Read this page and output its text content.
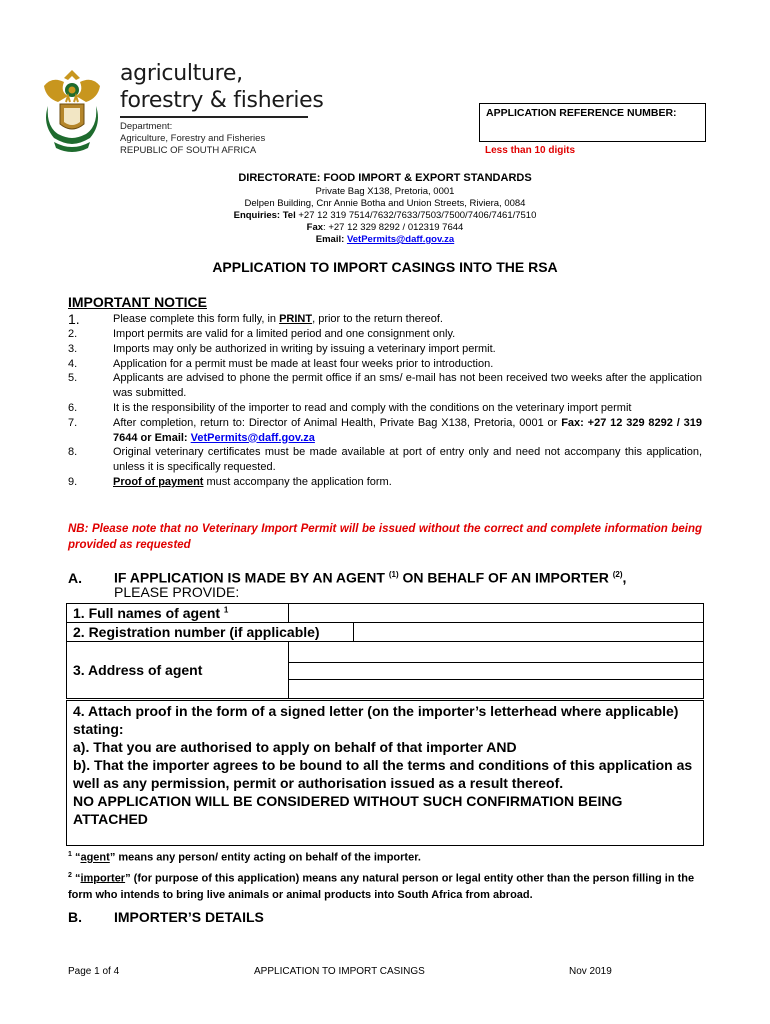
agriculture,
forestry & fisheries
Department:
Agriculture, Forestry and Fisheries
REPUBLIC OF SOUTH AFRICA
APPLICATION REFERENCE NUMBER:
Less than 10 digits
DIRECTORATE: FOOD IMPORT & EXPORT STANDARDS
Private Bag X138, Pretoria, 0001
Delpen Building, Cnr Annie Botha and Union Streets, Riviera, 0084
Enquiries: Tel +27 12 319 7514/7632/7633/7503/7500/7406/7461/7510
Fax: +27 12 329 8292 / 012319 7644
Email: VetPermits@daff.gov.za
APPLICATION TO IMPORT CASINGS INTO THE RSA
IMPORTANT NOTICE
1.	Please complete this form fully, in PRINT, prior to the return thereof.
2.	Import permits are valid for a limited period and one consignment only.
3.	Imports may only be authorized in writing by issuing a veterinary import permit.
4.	Application for a permit must be made at least four weeks prior to introduction.
5.	Applicants are advised to phone the permit office if an sms/ e-mail has not been received two weeks after the application was submitted.
6.	It is the responsibility of the importer to read and comply with the conditions on the veterinary import permit
7.	After completion, return to: Director of Animal Health, Private Bag X138, Pretoria, 0001 or Fax: +27 12 329 8292 / 319 7644 or Email: VetPermits@daff.gov.za
8.	Original veterinary certificates must be made available at port of entry only and need not accompany this application, unless it is specifically requested.
9.	Proof of payment must accompany the application form.
NB: Please note that no Veterinary Import Permit will be issued without the correct and complete information being provided as requested
A. IF APPLICATION IS MADE BY AN AGENT $^{(1)}$ ON BEHALF OF AN IMPORTER $^{(2)}$,
PLEASE PROVIDE:
1. Full names of agent $^1$	
2. Registration number (if applicable)		
3. Address of agent		

4. Attach proof in the form of a signed letter (on the importer’s letterhead where applicable) stating:
a). That you are authorised to apply on behalf of that importer AND
b). That the importer agrees to be bound to all the terms and conditions of this application as well as any permission, permit or authorisation issued as a result thereof.
NO APPLICATION WILL BE CONSIDERED WITHOUT SUCH CONFIRMATION BEING ATTACHED
$^1$ “agent” means any person/ entity acting on behalf of the importer.
$^2$ “importer” (for purpose of this application) means any natural person or legal entity other than the person filling in the form who intends to bring live animals or animal products into South Africa from abroad.
B. IMPORTER’S DETAILS
Page 1 of 4	APPLICATION TO IMPORT CASINGS	Nov 2019
